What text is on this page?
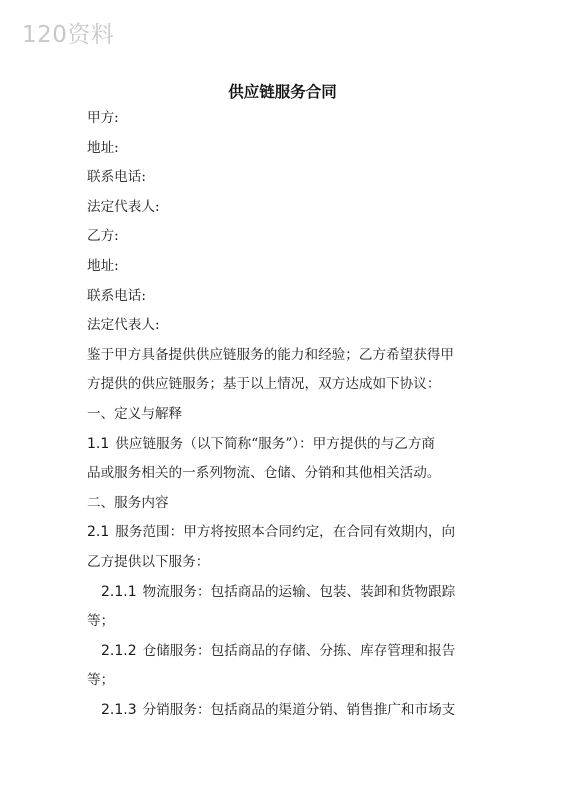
120资料
供应链服务合同
甲方:
地址:
联系电话:
法定代表人:
乙方:
地址:
联系电话:
法定代表人:
鉴于甲方具备提供供应链服务的能力和经验；乙方希望获得甲
方提供的供应链服务；基于以上情况，双方达成如下协议：
一、定义与解释
1.1 供应链服务（以下简称“服务”）：甲方提供的与乙方商
品或服务相关的一系列物流、仓储、分销和其他相关活动。
二、服务内容
2.1 服务范围：甲方将按照本合同约定，在合同有效期内，向
乙方提供以下服务：
2.1.1 物流服务：包括商品的运输、包装、装卸和货物跟踪
等；
2.1.2 仓储服务：包括商品的存储、分拣、库存管理和报告
等；
2.1.3 分销服务：包括商品的渠道分销、销售推广和市场支
